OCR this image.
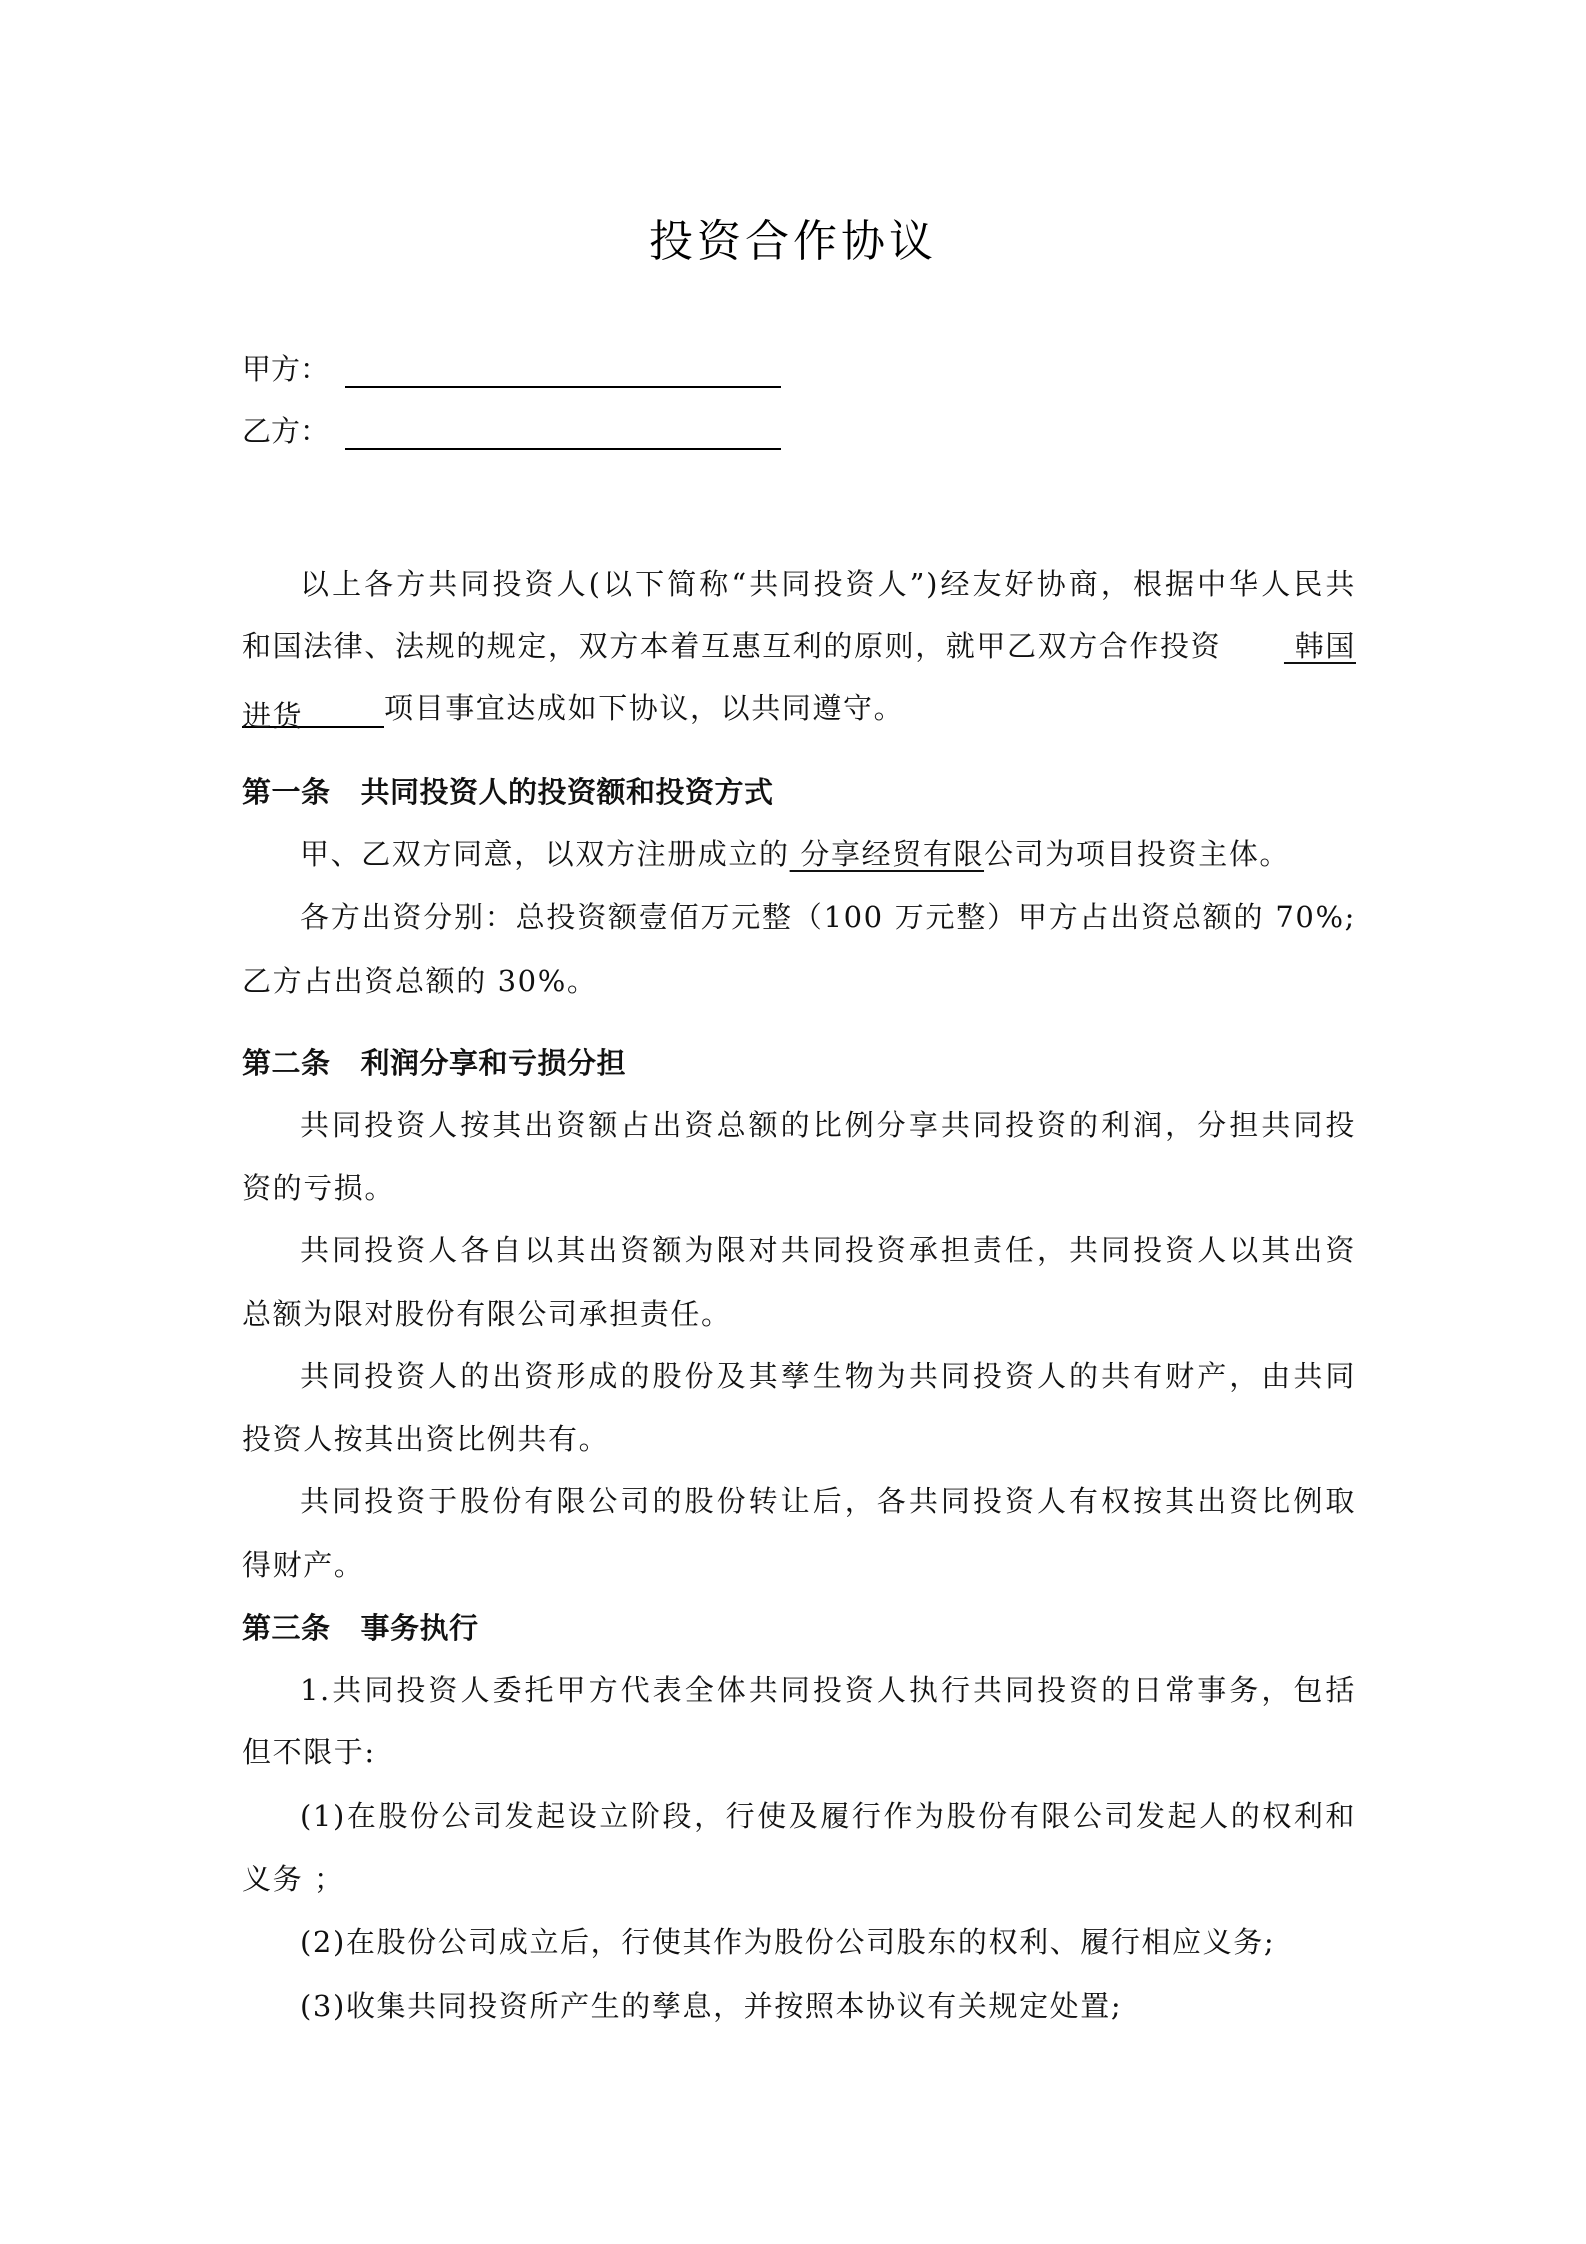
投资合作协议
甲方：
乙方：
以上各方共同投资人(以下简称“共同投资人”)经友好协商，根据中华人民共
和国法律、法规的规定，双方本着互惠互利的原则，就甲乙双方合作投资 韩国
进货	项目事宜达成如下协议，以共同遵守。
第一条 共同投资人的投资额和投资方式
甲、乙双方同意，以双方注册成立的 分享经贸有限公司为项目投资主体。
各方出资分别：总投资额壹佰万元整（100 万元整）甲方占出资总额的 70%;
乙方占出资总额的 30%。
第二条 利润分享和亏损分担
共同投资人按其出资额占出资总额的比例分享共同投资的利润，分担共同投
资的亏损。
共同投资人各自以其出资额为限对共同投资承担责任，共同投资人以其出资
总额为限对股份有限公司承担责任。
共同投资人的出资形成的股份及其孳生物为共同投资人的共有财产，由共同
投资人按其出资比例共有。
共同投资于股份有限公司的股份转让后，各共同投资人有权按其出资比例取
得财产。
第三条 事务执行
1.共同投资人委托甲方代表全体共同投资人执行共同投资的日常事务，包括
但不限于:
(1)在股份公司发起设立阶段，行使及履行作为股份有限公司发起人的权利和
义务 ；
(2)在股份公司成立后，行使其作为股份公司股东的权利、履行相应义务;
(3)收集共同投资所产生的孳息，并按照本协议有关规定处置;
